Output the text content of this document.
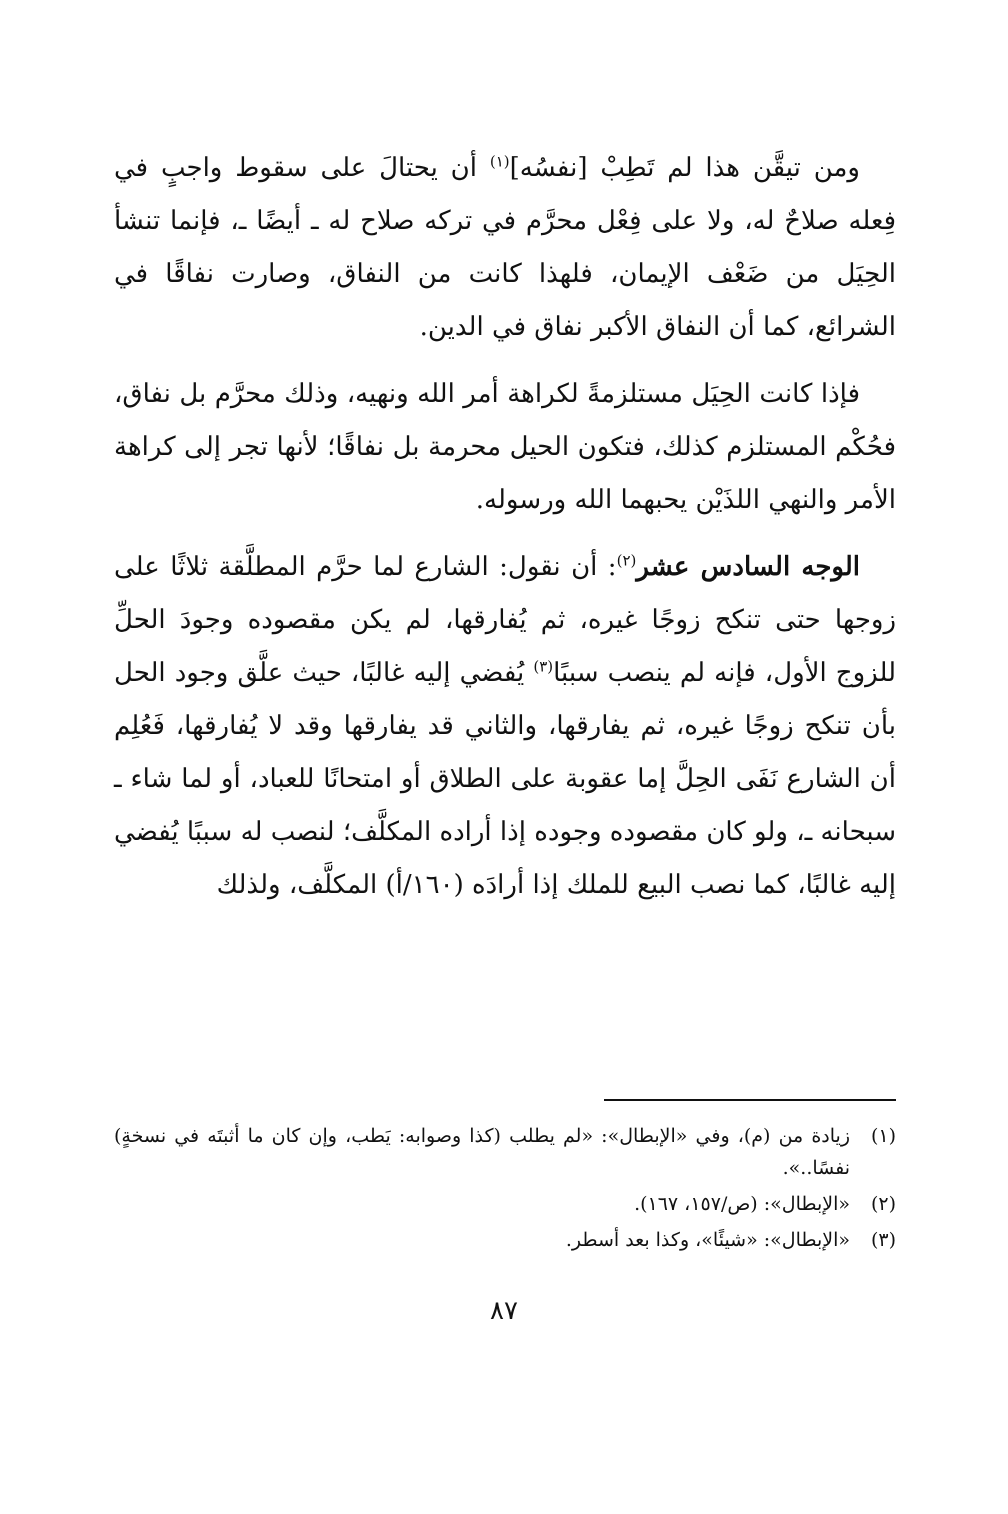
ومن تيقَّن هذا لم تَطِبْ [نفسُه]$^{(١)}$ أن يحتالَ على سقوط واجبٍ في فِعله صلاحٌ له، ولا على فِعْل محرَّم في تركه صلاح له ـ أيضًا ـ، فإنما تنشأ الحِيَل من ضَعْف الإيمان، فلهذا كانت من النفاق، وصارت نفاقًا في الشرائع، كما أن النفاق الأكبر نفاق في الدين.

فإذا كانت الحِيَل مستلزمةً لكراهة أمر الله ونهيه، وذلك محرَّم بل نفاق، فحُكْم المستلزم كذلك، فتكون الحيل محرمة بل نفاقًا؛ لأنها تجر إلى كراهة الأمر والنهي اللذَيْن يحبهما الله ورسوله.

الوجه السادس عشر$^{(٢)}$: أن نقول: الشارع لما حرَّم المطلَّقة ثلاثًا على زوجها حتى تنكح زوجًا غيره، ثم يُفارقها، لم يكن مقصوده وجودَ الحلِّ للزوج الأول، فإنه لم ينصب سببًا$^{(٣)}$ يُفضي إليه غالبًا، حيث علَّق وجود الحل بأن تنكح زوجًا غيره، ثم يفارقها، والثاني قد يفارقها وقد لا يُفارقها، فَعُلِم أن الشارع نَفَى الحِلَّ إما عقوبة على الطلاق أو امتحانًا للعباد، أو لما شاء ـ سبحانه ـ، ولو كان مقصوده وجوده إذا أراده المكلَّف؛ لنصب له سببًا يُفضي إليه غالبًا، كما نصب البيع للملك إذا أرادَه (١٦٠/أ) المكلَّف، ولذلك

(١)
زيادة من (م)، وفي «الإبطال»: «لم يطلب (كذا وصوابه: يَطب، وإن كان ما أثبتَه في نسخةٍ) نفسًا..».
(٢)
«الإبطال»: (ص/١٥٧، ١٦٧).
(٣)
«الإبطال»: «شيئًا»، وكذا بعد أسطر.
٨٧
